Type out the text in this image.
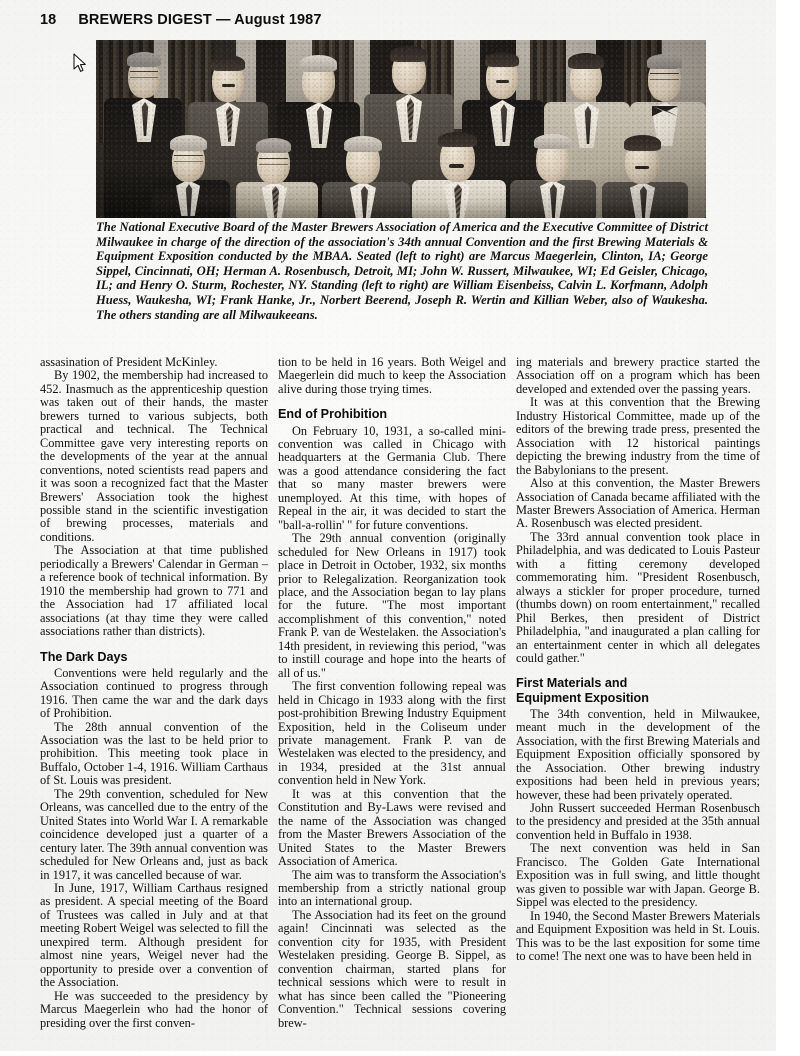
18 BREWERS DIGEST — August 1987
The National Executive Board of the Master Brewers Association of America and the Executive Committee of District Milwaukee in charge of the direction of the association's 34th annual Convention and the first Brewing Materials & Equipment Exposition conducted by the MBAA. Seated (left to right) are Marcus Maegerlein, Clinton, IA; George Sippel, Cincinnati, OH; Herman A. Rosenbusch, Detroit, MI; John W. Russert, Milwaukee, WI; Ed Geisler, Chicago, IL; and Henry O. Sturm, Rochester, NY. Standing (left to right) are William Eisenbeiss, Calvin L. Korfmann, Adolph Huess, Waukesha, WI; Frank Hanke, Jr., Norbert Beerend, Joseph R. Wertin and Killian Weber, also of Waukesha. The others standing are all Milwaukeeans.

assasination of President McKinley.

By 1902, the membership had increased to 452. Inasmuch as the apprenticeship question was taken out of their hands, the master brewers turned to various subjects, both practical and technical. The Technical Committee gave very interesting reports on the developments of the year at the annual conventions, noted scientists read papers and it was soon a recognized fact that the Master Brewers' Association took the highest possible stand in the scientific investigation of brewing processes, materials and conditions.

The Association at that time published periodically a Brewers' Calendar in German – a reference book of technical information. By 1910 the membership had grown to 771 and the Association had 17 affiliated local associations (at thay time they were called associations rather than districts).

The Dark Days

Conventions were held regularly and the Association continued to progress through 1916. Then came the war and the dark days of Prohibition.

The 28th annual convention of the Association was the last to be held prior to prohibition. This meeting took place in Buffalo, October 1-4, 1916. William Carthaus of St. Louis was president.

The 29th convention, scheduled for New Orleans, was cancelled due to the entry of the United States into World War I. A remarkable coincidence developed just a quarter of a century later. The 39th annual convention was scheduled for New Orleans and, just as back in 1917, it was cancelled because of war.

In June, 1917, William Carthaus resigned as president. A special meeting of the Board of Trustees was called in July and at that meeting Robert Weigel was selected to fill the unexpired term. Although president for almost nine years, Weigel never had the opportunity to preside over a convention of the Association.

He was succeeded to the presidency by Marcus Maegerlein who had the honor of presiding over the first conven-

tion to be held in 16 years. Both Weigel and Maegerlein did much to keep the Association alive during those trying times.

End of Prohibition

On February 10, 1931, a so-called mini-convention was called in Chicago with headquarters at the Germania Club. There was a good attendance considering the fact that so many master brewers were unemployed. At this time, with hopes of Repeal in the air, it was decided to start the "ball-a-rollin' " for future conventions.

The 29th annual convention (originally scheduled for New Orleans in 1917) took place in Detroit in October, 1932, six months prior to Relegalization. Reorganization took place, and the Association began to lay plans for the future. "The most important accomplishment of this convention," noted Frank P. van de Westelaken. the Association's 14th president, in reviewing this period, "was to instill courage and hope into the hearts of all of us."

The first convention following repeal was held in Chicago in 1933 along with the first post-prohibition Brewing Industry Equipment Exposition, held in the Coliseum under private management. Frank P. van de Westelaken was elected to the presidency, and in 1934, presided at the 31st annual convention held in New York.

It was at this convention that the Constitution and By-Laws were revised and the name of the Association was changed from the Master Brewers Association of the United States to the Master Brewers Association of America.

The aim was to transform the Association's membership from a strictly national group into an international group.

The Association had its feet on the ground again! Cincinnati was selected as the convention city for 1935, with President Westelaken presiding. George B. Sippel, as convention chairman, started plans for technical sessions which were to result in what has since been called the "Pioneering Convention." Technical sessions covering brew-

ing materials and brewery practice started the Association off on a program which has been developed and extended over the passing years.

It was at this convention that the Brewing Industry Historical Committee, made up of the editors of the brewing trade press, presented the Association with 12 historical paintings depicting the brewing industry from the time of the Babylonians to the present.

Also at this convention, the Master Brewers Association of Canada became affiliated with the Master Brewers Association of America. Herman A. Rosenbusch was elected president.

The 33rd annual convention took place in Philadelphia, and was dedicated to Louis Pasteur with a fitting ceremony developed commemorating him. "President Rosenbusch, always a stickler for proper procedure, turned (thumbs down) on room entertainment," recalled Phil Berkes, then president of District Philadelphia, "and inaugurated a plan calling for an entertainment center in which all delegates could gather."

First Materials and
Equipment Exposition

The 34th convention, held in Milwaukee, meant much in the development of the Association, with the first Brewing Materials and Equipment Exposition officially sponsored by the Association. Other brewing industry expositions had been held in previous years; however, these had been privately operated.

John Russert succeeded Herman Rosenbusch to the presidency and presided at the 35th annual convention held in Buffalo in 1938.

The next convention was held in San Francisco. The Golden Gate International Exposition was in full swing, and little thought was given to possible war with Japan. George B. Sippel was elected to the presidency.

In 1940, the Second Master Brewers Materials and Equipment Exposition was held in St. Louis. This was to be the last exposition for some time to come! The next one was to have been held in
